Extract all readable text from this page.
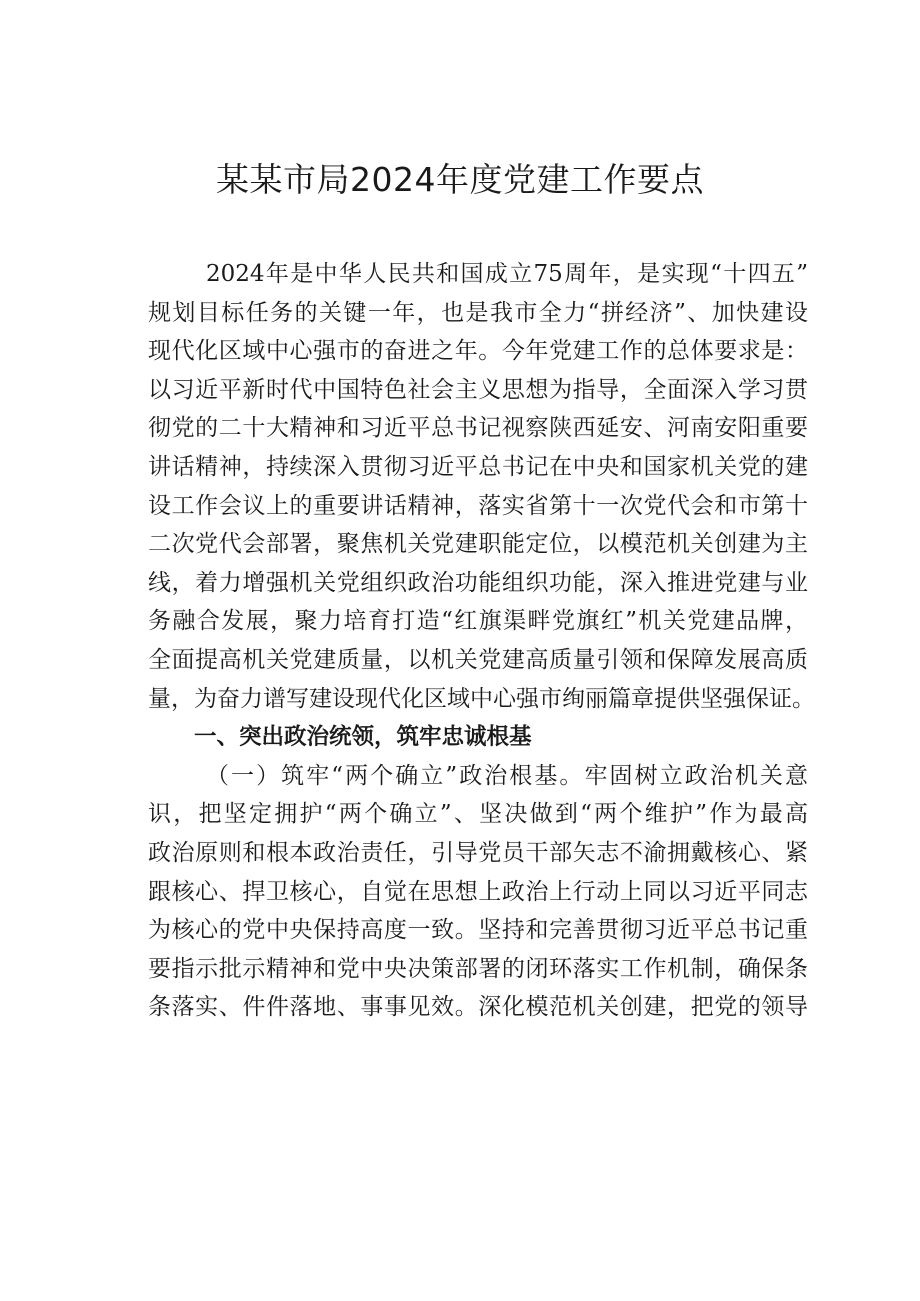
某某市局2024年度党建工作要点
2024年是中华人民共和国成立75周年，是实现“十四五”
规划目标任务的关键一年，也是我市全力“拼经济”、加快建设
现代化区域中心强市的奋进之年。今年党建工作的总体要求是：
以习近平新时代中国特色社会主义思想为指导，全面深入学习贯
彻党的二十大精神和习近平总书记视察陕西延安、河南安阳重要
讲话精神，持续深入贯彻习近平总书记在中央和国家机关党的建
设工作会议上的重要讲话精神，落实省第十一次党代会和市第十
二次党代会部署，聚焦机关党建职能定位，以模范机关创建为主
线，着力增强机关党组织政治功能组织功能，深入推进党建与业
务融合发展，聚力培育打造“红旗渠畔党旗红”机关党建品牌，
全面提高机关党建质量，以机关党建高质量引领和保障发展高质
量，为奋力谱写建设现代化区域中心强市绚丽篇章提供坚强保证。
一、突出政治统领，筑牢忠诚根基
（一）筑牢“两个确立”政治根基。牢固树立政治机关意
识，把坚定拥护“两个确立”、坚决做到“两个维护”作为最高
政治原则和根本政治责任，引导党员干部矢志不渝拥戴核心、紧
跟核心、捍卫核心，自觉在思想上政治上行动上同以习近平同志
为核心的党中央保持高度一致。坚持和完善贯彻习近平总书记重
要指示批示精神和党中央决策部署的闭环落实工作机制，确保条
条落实、件件落地、事事见效。深化模范机关创建，把党的领导
